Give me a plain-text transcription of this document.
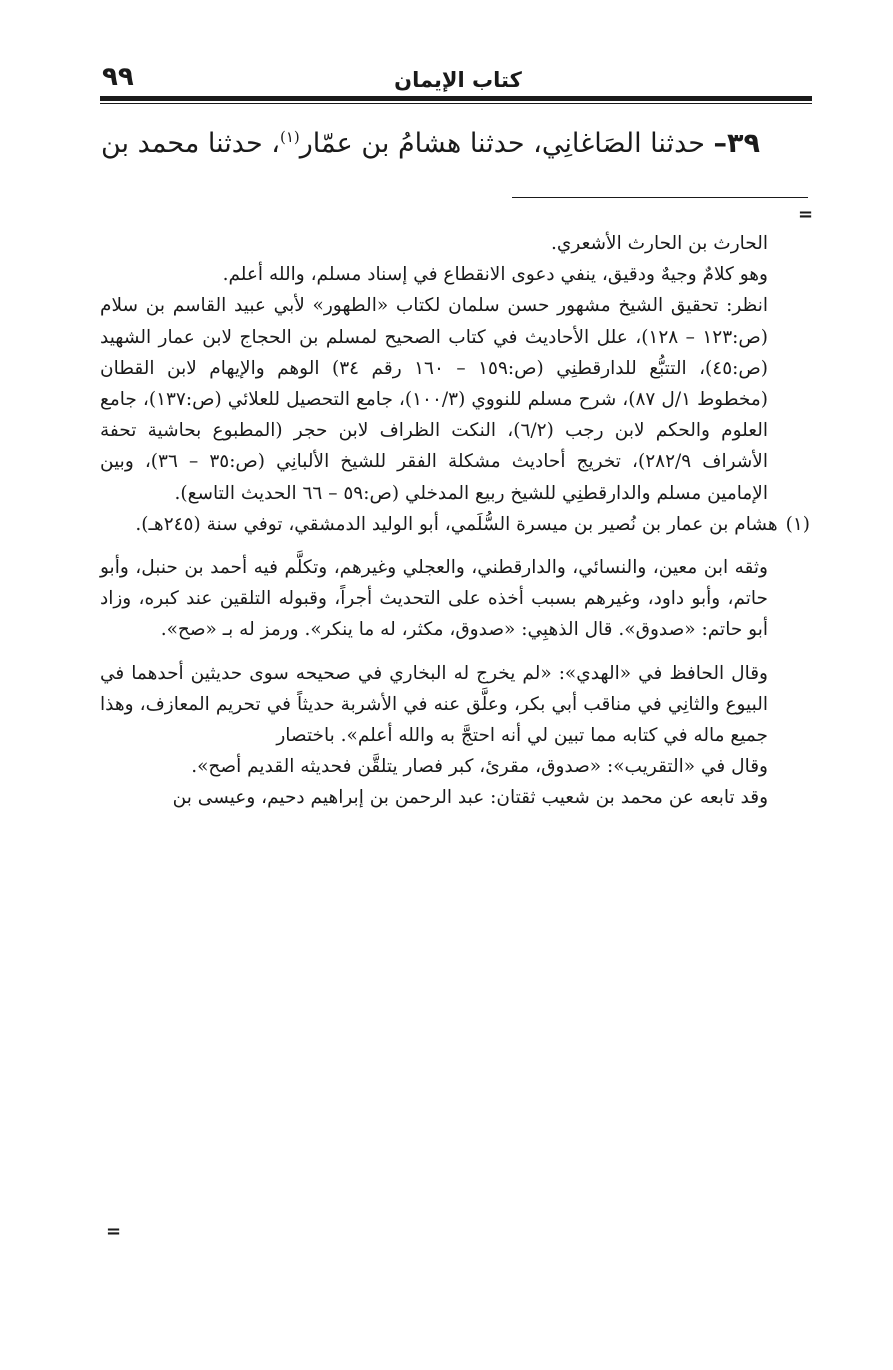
كتاب الإيمان
٩٩
٣٩– حدثنا الصَاغانِي، حدثنا هشامُ بن عمّار$^{(١)}$، حدثنا محمد بن
=

الحارث بن الحارث الأشعري.

وهو كلامٌ وجيهٌ ودقيق، ينفي دعوى الانقطاع في إسناد مسلم، والله أعلم.

انظر: تحقيق الشيخ مشهور حسن سلمان لكتاب «الطهور» لأبي عبيد القاسم بن سلام (ص:١٢٣ – ١٢٨)، علل الأحاديث في كتاب الصحيح لمسلم بن الحجاج لابن عمار الشهيد (ص:٤٥)، التتبُّع للدارقطنِي (ص:١٥٩ – ١٦٠ رقم ٣٤) الوهم والإيهام لابن القطان (مخطوط ١/ل ٨٧)، شرح مسلم للنووي (١٠٠/٣)، جامع التحصيل للعلائي (ص:١٣٧)، جامع العلوم والحكم لابن رجب (٦/٢)، النكت الظراف لابن حجر (المطبوع بحاشية تحفة الأشراف ٢٨٢/٩)، تخريج أحاديث مشكلة الفقر للشيخ الألبانِي (ص:٣٥ – ٣٦)، وبين الإمامين مسلم والدارقطنِي للشيخ ربيع المدخلي (ص:٥٩ – ٦٦ الحديث التاسع).

(١)هشام بن عمار بن نُصير بن ميسرة السُّلَمي، أبو الوليد الدمشقي، توفي سنة (٢٤٥هـ).

وثقه ابن معين، والنسائي، والدارقطني، والعجلي وغيرهم، وتكلَّم فيه أحمد بن حنبل، وأبو حاتم، وأبو داود، وغيرهم بسبب أخذه على التحديث أجراً، وقبوله التلقين عند كبره، وزاد أبو حاتم: «صدوق». قال الذهبِي: «صدوق، مكثر، له ما ينكر». ورمز له بـ «صح».

وقال الحافظ في «الهدي»: «لم يخرج له البخاري في صحيحه سوى حديثين أحدهما في البيوع والثانِي في مناقب أبي بكر، وعلَّق عنه في الأشربة حديثاً في تحريم المعازف، وهذا جميع ماله في كتابه مما تبين لي أنه احتجَّ به والله أعلم». باختصار

وقال في «التقريب»: «صدوق، مقرئ، كبر فصار يتلقَّن فحديثه القديم أصح».

وقد تابعه عن محمد بن شعيب ثقتان: عبد الرحمن بن إبراهيم دحيم، وعيسى بن

=
